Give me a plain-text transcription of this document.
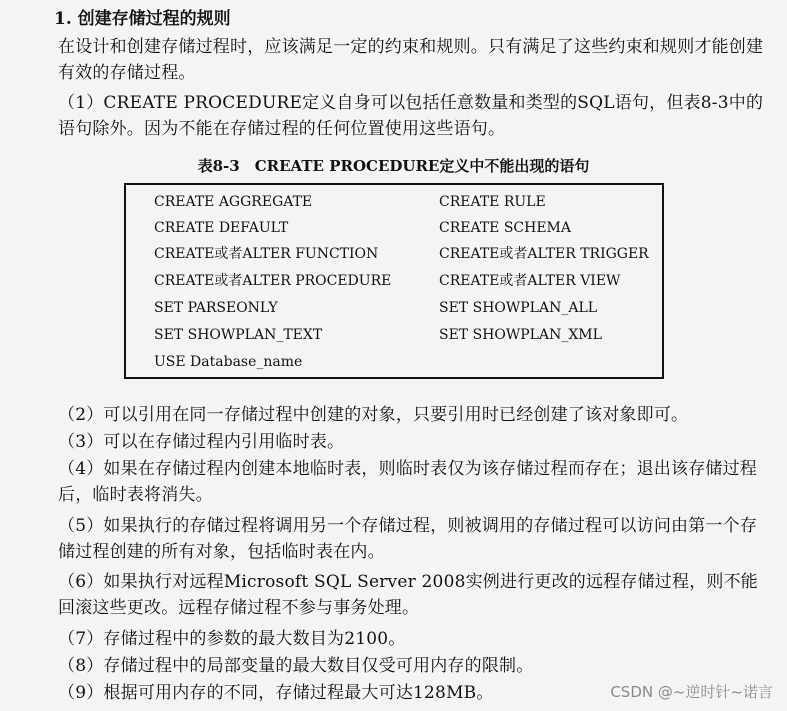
1. 创建存储过程的规则
在设计和创建存储过程时，应该满足一定的约束和规则。只有满足了这些约束和规则才能创建有效的存储过程。
（1）CREATE PROCEDURE定义自身可以包括任意数量和类型的SQL语句，但表8-3中的语句除外。因为不能在存储过程的任何位置使用这些语句。
表8-3　CREATE PROCEDURE定义中不能出现的语句
CREATE AGGREGATE
CREATE DEFAULT
CREATE或者ALTER FUNCTION
CREATE或者ALTER PROCEDURE
SET PARSEONLY
SET SHOWPLAN_TEXT
USE Database_name
CREATE RULE
CREATE SCHEMA
CREATE或者ALTER TRIGGER
CREATE或者ALTER VIEW
SET SHOWPLAN_ALL
SET SHOWPLAN_XML
（2）可以引用在同一存储过程中创建的对象，只要引用时已经创建了该对象即可。
（3）可以在存储过程内引用临时表。
（4）如果在存储过程内创建本地临时表，则临时表仅为该存储过程而存在；退出该存储过程后，临时表将消失。
（5）如果执行的存储过程将调用另一个存储过程，则被调用的存储过程可以访问由第一个存储过程创建的所有对象，包括临时表在内。
（6）如果执行对远程Microsoft SQL Server 2008实例进行更改的远程存储过程，则不能回滚这些更改。远程存储过程不参与事务处理。
（7）存储过程中的参数的最大数目为2100。
（8）存储过程中的局部变量的最大数目仅受可用内存的限制。
（9）根据可用内存的不同，存储过程最大可达128MB。	CSDN @~逆时针~诺言
